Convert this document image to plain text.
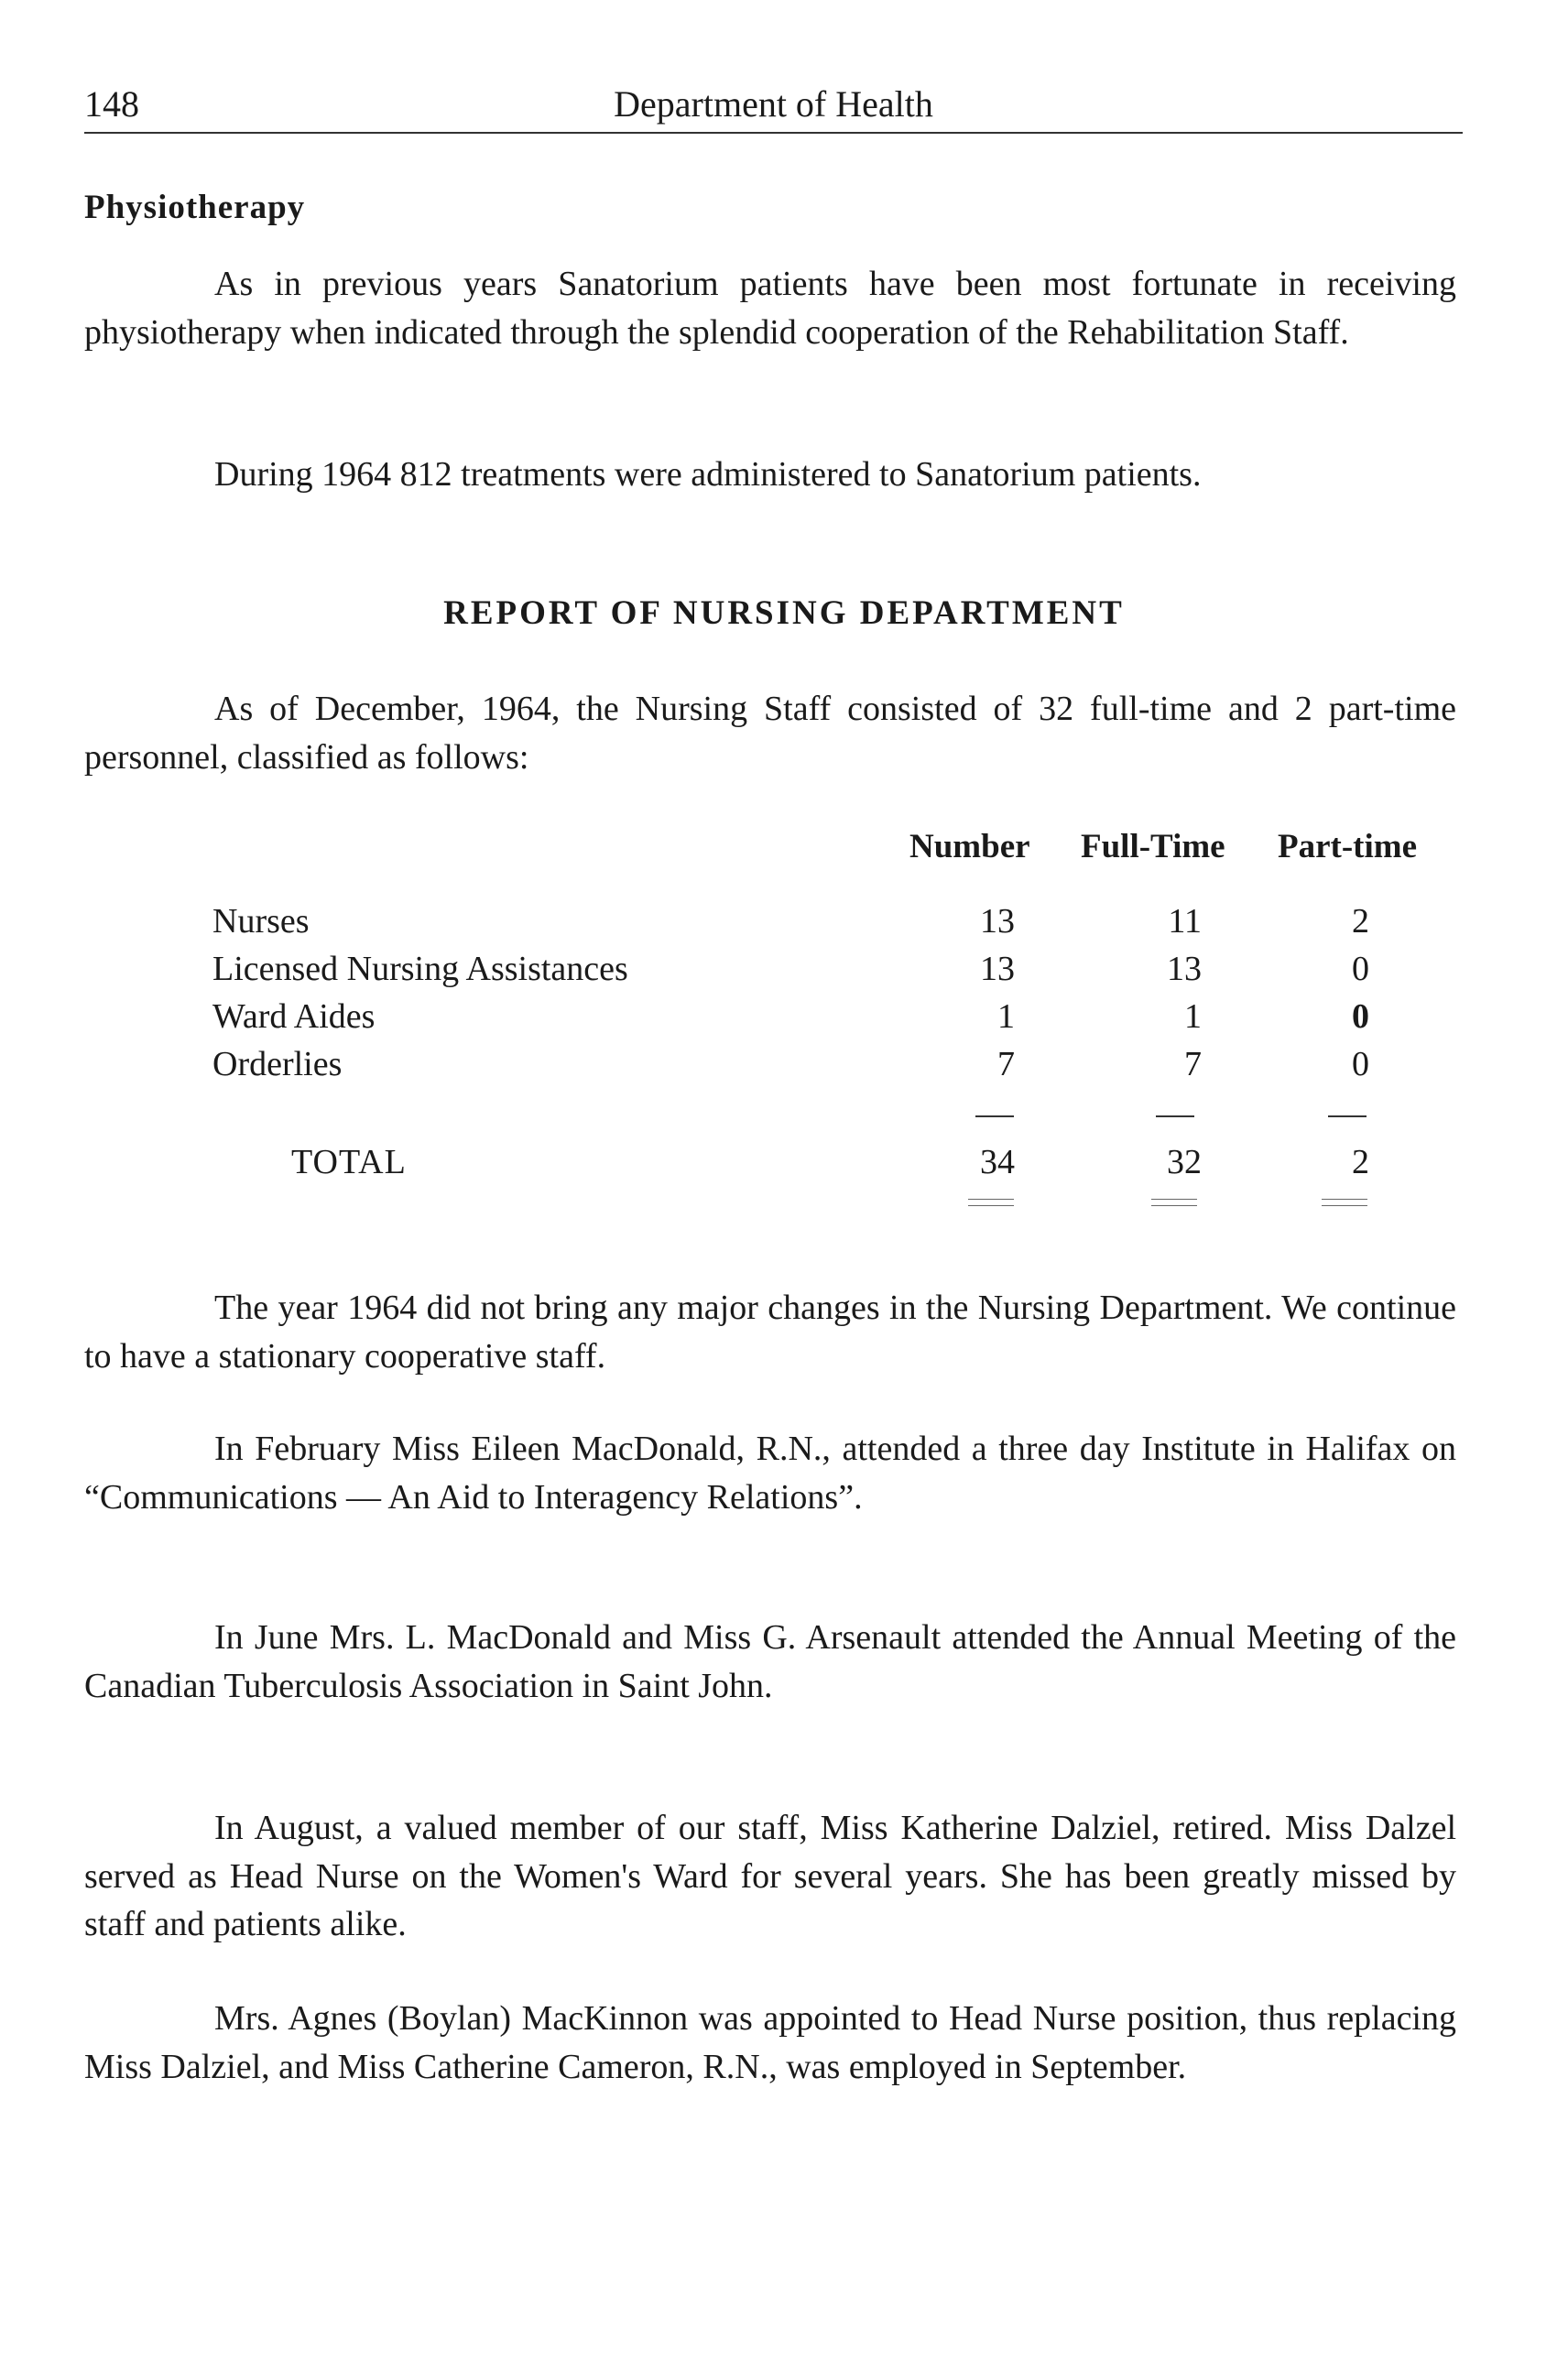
148	Department of Health
Physiotherapy

As in previous years Sanatorium patients have been most fortunate in receiving physiotherapy when indicated through the splendid cooperation of the Rehabilitation Staff.

During 1964 812 treatments were administered to Sanatorium patients.

REPORT OF NURSING DEPARTMENT

As of December, 1964, the Nursing Staff consisted of 32 full-time and 2 part-time personnel, classified as follows:

Number Full-Time Part-time
Nurses	13	11	2
Licensed Nursing Assistances	13	13	0
Ward Aides	1	1	0
Orderlies	7	7	0
TOTAL	34	32	2

The year 1964 did not bring any major changes in the Nursing Department. We continue to have a stationary cooperative staff.

In February Miss Eileen MacDonald, R.N., attended a three day Institute in Halifax on “Communications — An Aid to Interagency Relations”.

In June Mrs. L. MacDonald and Miss G. Arsenault attended the Annual Meeting of the Canadian Tuberculosis Association in Saint John.

In August, a valued member of our staff, Miss Katherine Dalziel, retired. Miss Dalzel served as Head Nurse on the Women's Ward for several years. She has been greatly missed by staff and patients alike.

Mrs. Agnes (Boylan) MacKinnon was appointed to Head Nurse position, thus replacing Miss Dalziel, and Miss Catherine Cameron, R.N., was employed in September.
